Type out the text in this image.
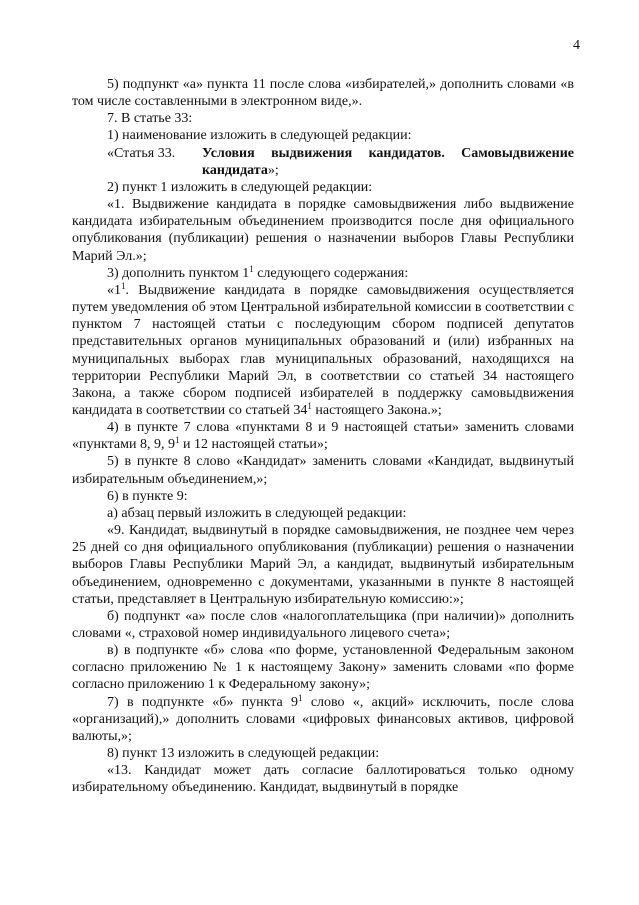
4

5) подпункт «а» пункта 11 после слова «избирателей,» дополнить словами «в том числе составленными в электронном виде,».

7. В статье 33:

1) наименование изложить в следующей редакции:

«Статья 33.	Условия выдвижения кандидатов. Самовыдвижение кандидата»;

2) пункт 1 изложить в следующей редакции:

«1. Выдвижение кандидата в порядке самовыдвижения либо выдвижение кандидата избирательным объединением производится после дня официального опубликования (публикации) решения о назначении выборов Главы Республики Марий Эл.»;

3) дополнить пунктом $1^1$ следующего содержания:

«$1^1$. Выдвижение кандидата в порядке самовыдвижения осуществляется путем уведомления об этом Центральной избирательной комиссии в соответствии с пунктом 7 настоящей статьи с последующим сбором подписей депутатов представительных органов муниципальных образований и (или) избранных на муниципальных выборах глав муниципальных образований, находящихся на территории Республики Марий Эл, в соответствии со статьей 34 настоящего Закона, а также сбором подписей избирателей в поддержку самовыдвижения кандидата в соответствии со статьей $34^1$ настоящего Закона.»;

4) в пункте 7 слова «пунктами 8 и 9 настоящей статьи» заменить словами «пунктами 8, 9, $9^1$ и 12 настоящей статьи»;

5) в пункте 8 слово «Кандидат» заменить словами «Кандидат, выдвинутый избирательным объединением,»;

6) в пункте 9:

а) абзац первый изложить в следующей редакции:

«9. Кандидат, выдвинутый в порядке самовыдвижения, не позднее чем через 25 дней со дня официального опубликования (публикации) решения о назначении выборов Главы Республики Марий Эл, а кандидат, выдвинутый избирательным объединением, одновременно с документами, указанными в пункте 8 настоящей статьи, представляет в Центральную избирательную комиссию:»;

б) подпункт «а» после слов «налогоплательщика (при наличии)» дополнить словами «, страховой номер индивидуального лицевого счета»;

в) в подпункте «б» слова «по форме, установленной Федеральным законом согласно приложению № 1 к настоящему Закону» заменить словами «по форме согласно приложению 1 к Федеральному закону»;

7) в подпункте «б» пункта $9^1$ слово «, акций» исключить, после слова «организаций),» дополнить словами «цифровых финансовых активов, цифровой валюты,»;

8) пункт 13 изложить в следующей редакции:

«13. Кандидат может дать согласие баллотироваться только одному избирательному объединению. Кандидат, выдвинутый в порядке
